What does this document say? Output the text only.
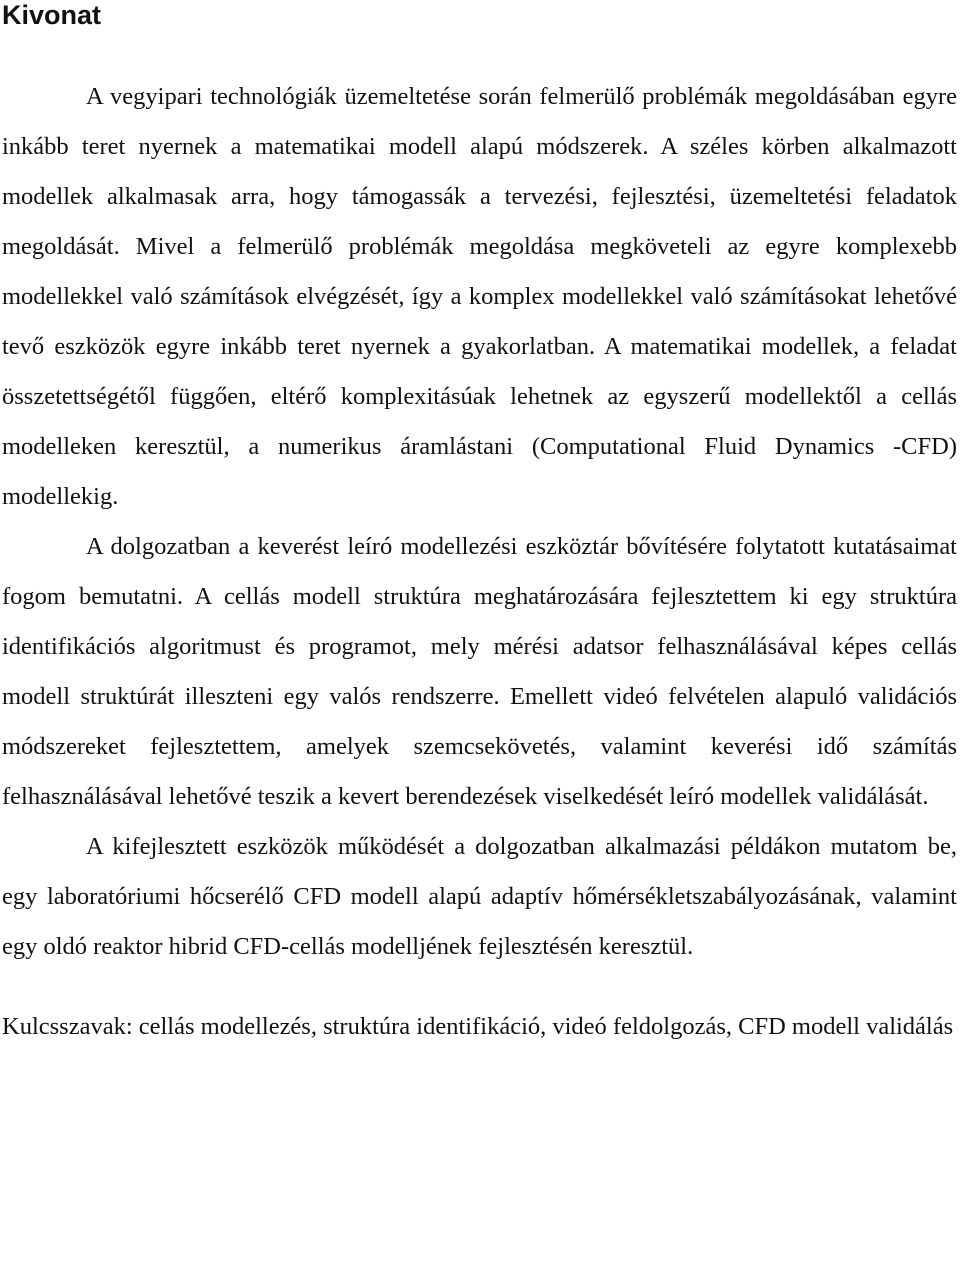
Kivonat

A vegyipari technológiák üzemeltetése során felmerülő problémák megoldásában egyre inkább teret nyernek a matematikai modell alapú módszerek. A széles körben alkalmazott modellek alkalmasak arra, hogy támogassák a tervezési, fejlesztési, üzemeltetési feladatok megoldását. Mivel a felmerülő problémák megoldása megköveteli az egyre komplexebb modellekkel való számítások elvégzését, így a komplex modellekkel való számításokat lehetővé tevő eszközök egyre inkább teret nyernek a gyakorlatban. A matematikai modellek, a feladat összetettségétől függően, eltérő komplexitásúak lehetnek az egyszerű modellektől a cellás modelleken keresztül, a numerikus áramlástani (Computational Fluid Dynamics -CFD) modellekig.

A dolgozatban a keverést leíró modellezési eszköztár bővítésére folytatott kutatásaimat fogom bemutatni. A cellás modell struktúra meghatározására fejlesztettem ki egy struktúra identifikációs algoritmust és programot, mely mérési adatsor felhasználásával képes cellás modell struktúrát illeszteni egy valós rendszerre. Emellett videó felvételen alapuló validációs módszereket fejlesztettem, amelyek szemcsekövetés, valamint keverési idő számítás felhasználásával lehetővé teszik a kevert berendezések viselkedését leíró modellek validálását.

A kifejlesztett eszközök működését a dolgozatban alkalmazási példákon mutatom be, egy laboratóriumi hőcserélő CFD modell alapú adaptív hőmérsékletszabályozásának, valamint egy oldó reaktor hibrid CFD-cellás modelljének fejlesztésén keresztül.

Kulcsszavak: cellás modellezés, struktúra identifikáció, videó feldolgozás, CFD modell validálás
